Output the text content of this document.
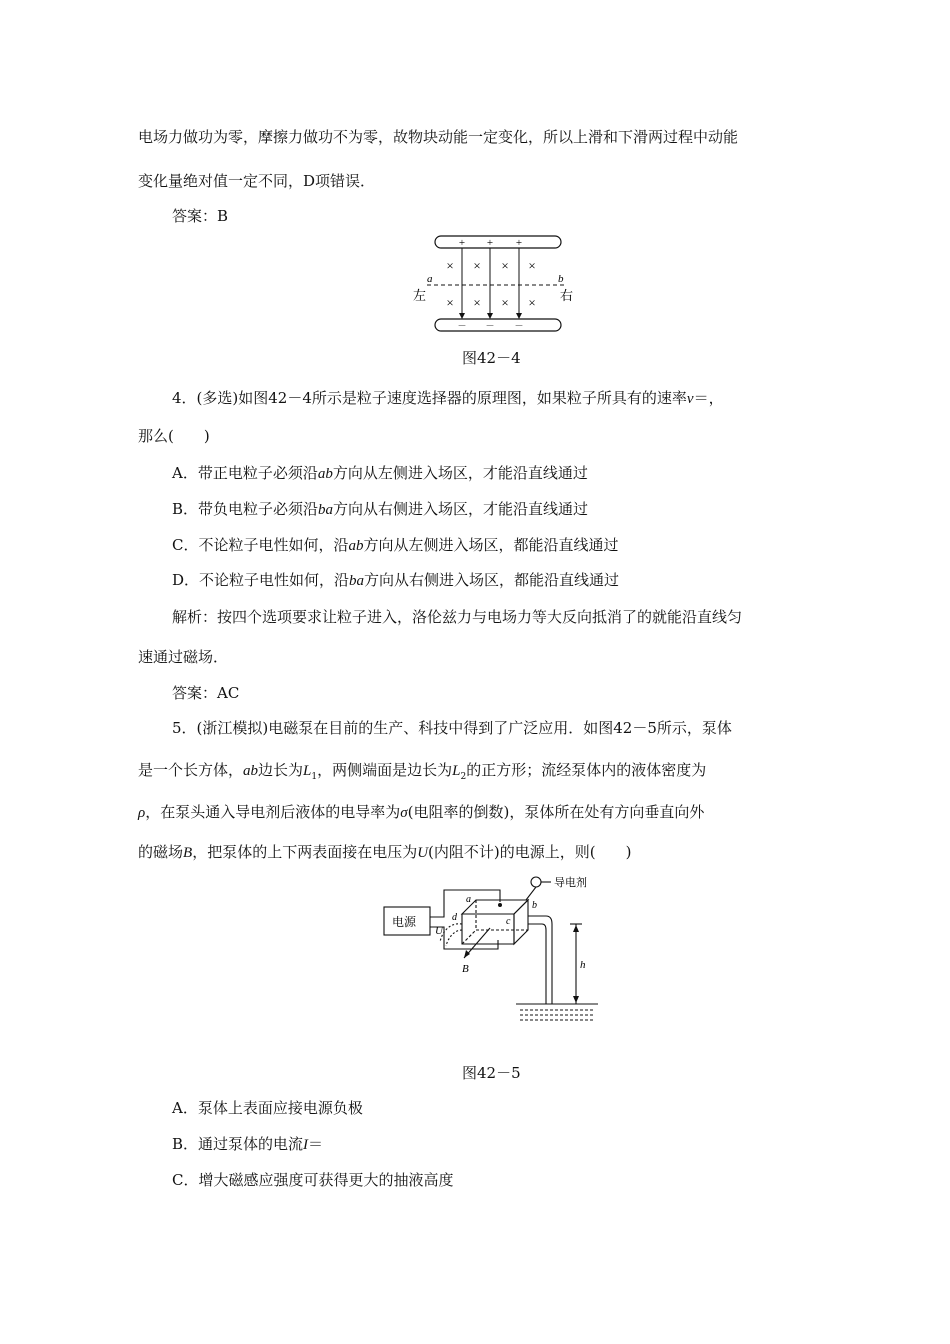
电场力做功为零，摩擦力做功不为零，故物块动能一定变化，所以上滑和下滑两过程中动能
变化量绝对值一定不同，D项错误．
答案：B
+ + +
－ － －
× × × ×
× × × ×
a	b
左	右
图42－4
4．(多选)如图42－4所示是粒子速度选择器的原理图，如果粒子所具有的速率v＝，
那么(　　)
A．带正电粒子必须沿ab方向从左侧进入场区，才能沿直线通过
B．带负电粒子必须沿ba方向从右侧进入场区，才能沿直线通过
C．不论粒子电性如何，沿ab方向从左侧进入场区，都能沿直线通过
D．不论粒子电性如何，沿ba方向从右侧进入场区，都能沿直线通过
解析：按四个选项要求让粒子进入，洛伦兹力与电场力等大反向抵消了的就能沿直线匀
速通过磁场．
答案：AC
5．(浙江模拟)电磁泵在目前的生产、科技中得到了广泛应用．如图42－5所示，泵体
是一个长方体，ab边长为$L_1$，两侧端面是边长为$L_2$的正方形；流经泵体内的液体密度为
ρ，在泵头通入导电剂后液体的电导率为σ(电阻率的倒数)，泵体所在处有方向垂直向外
的磁场B，把泵体的上下两表面接在电压为U(内阻不计)的电源上，则(　　)
电源
导电剂
a
b
c
d
U
B	h
图42－5
A．泵体上表面应接电源负极
B．通过泵体的电流I＝
C．增大磁感应强度可获得更大的抽液高度
